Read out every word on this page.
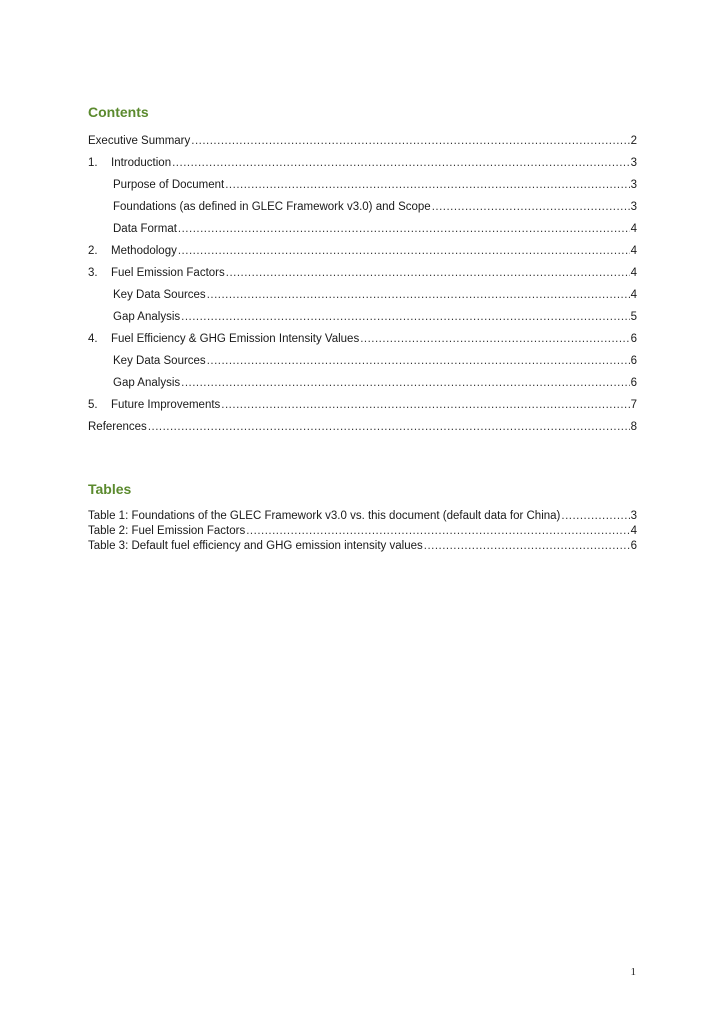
Contents
Executive Summary .....	2
1.	Introduction .....	3
Purpose of Document .....	3
Foundations (as defined in GLEC Framework v3.0) and Scope .....	3
Data Format .....	4
2.	Methodology .....	4
3.	Fuel Emission Factors .....	4
Key Data Sources .....	4
Gap Analysis .....	5
4.	Fuel Efficiency & GHG Emission Intensity Values .....	6
Key Data Sources .....	6
Gap Analysis .....	6
5.	Future Improvements .....	7
References .....	8
Tables
Table 1: Foundations of the GLEC Framework v3.0 vs. this document (default data for China) .....	3
Table 2: Fuel Emission Factors .....	4
Table 3: Default fuel efficiency and GHG emission intensity values .....	6
1
